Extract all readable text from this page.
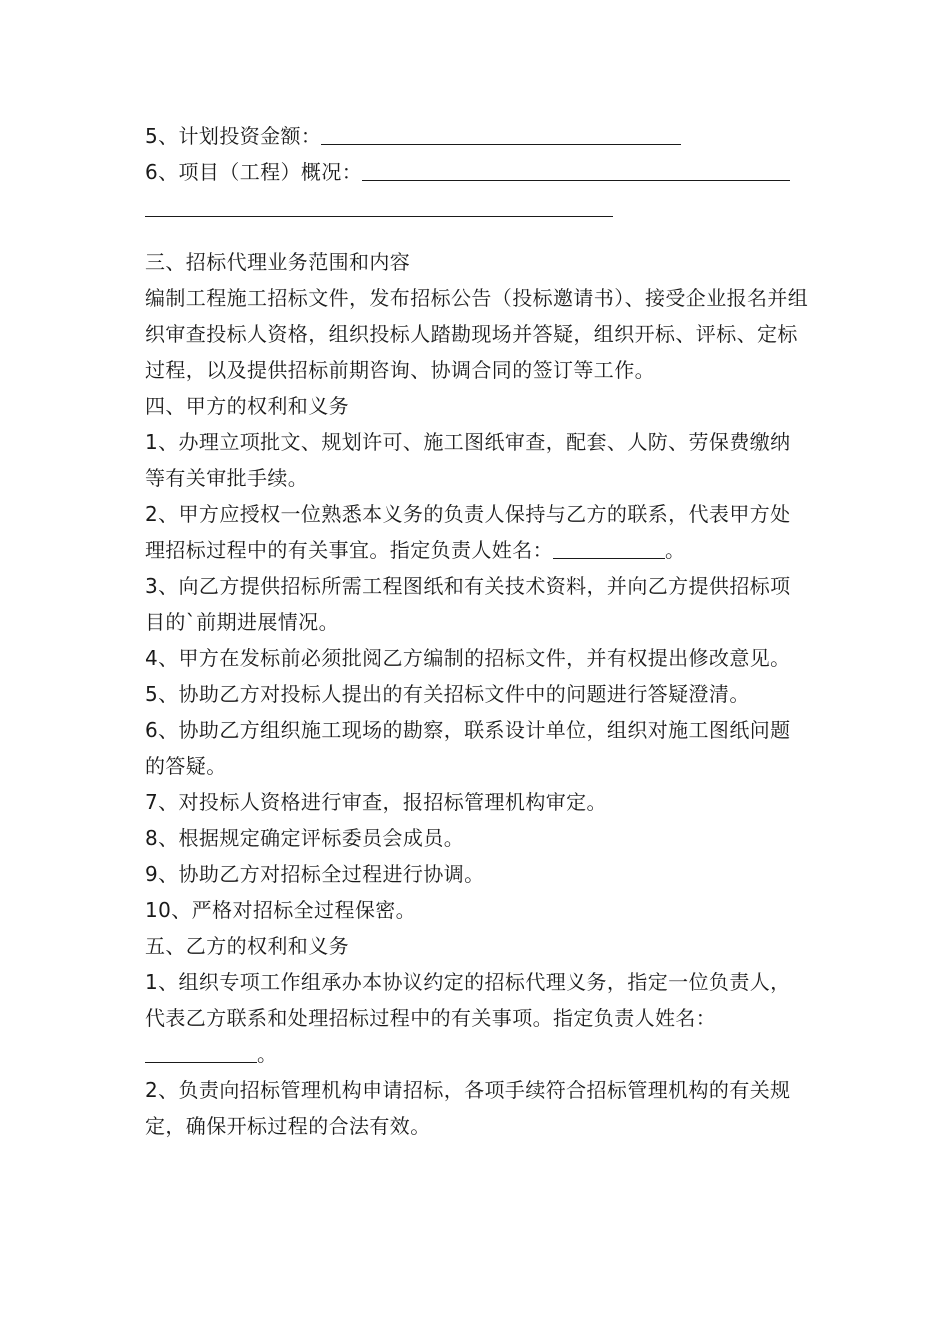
5、计划投资金额：

6、项目（工程）概况：

三、招标代理业务范围和内容

编制工程施工招标文件，发布招标公告（投标邀请书）、接受企业报名并组织审查投标人资格，组织投标人踏勘现场并答疑，组织开标、评标、定标过程，以及提供招标前期咨询、协调合同的签订等工作。

四、甲方的权利和义务

1、办理立项批文、规划许可、施工图纸审查，配套、人防、劳保费缴纳等有关审批手续。

2、甲方应授权一位熟悉本义务的负责人保持与乙方的联系，代表甲方处理招标过程中的有关事宜。指定负责人姓名：	。

3、向乙方提供招标所需工程图纸和有关技术资料，并向乙方提供招标项目的`前期进展情况。

4、甲方在发标前必须批阅乙方编制的招标文件，并有权提出修改意见。

5、协助乙方对投标人提出的有关招标文件中的问题进行答疑澄清。

6、协助乙方组织施工现场的勘察，联系设计单位，组织对施工图纸问题的答疑。

7、对投标人资格进行审查，报招标管理机构审定。

8、根据规定确定评标委员会成员。

9、协助乙方对招标全过程进行协调。

10、严格对招标全过程保密。

五、乙方的权利和义务

1、组织专项工作组承办本协议约定的招标代理义务，指定一位负责人，代表乙方联系和处理招标过程中的有关事项。指定负责人姓名：

。

2、负责向招标管理机构申请招标，各项手续符合招标管理机构的有关规定，确保开标过程的合法有效。
